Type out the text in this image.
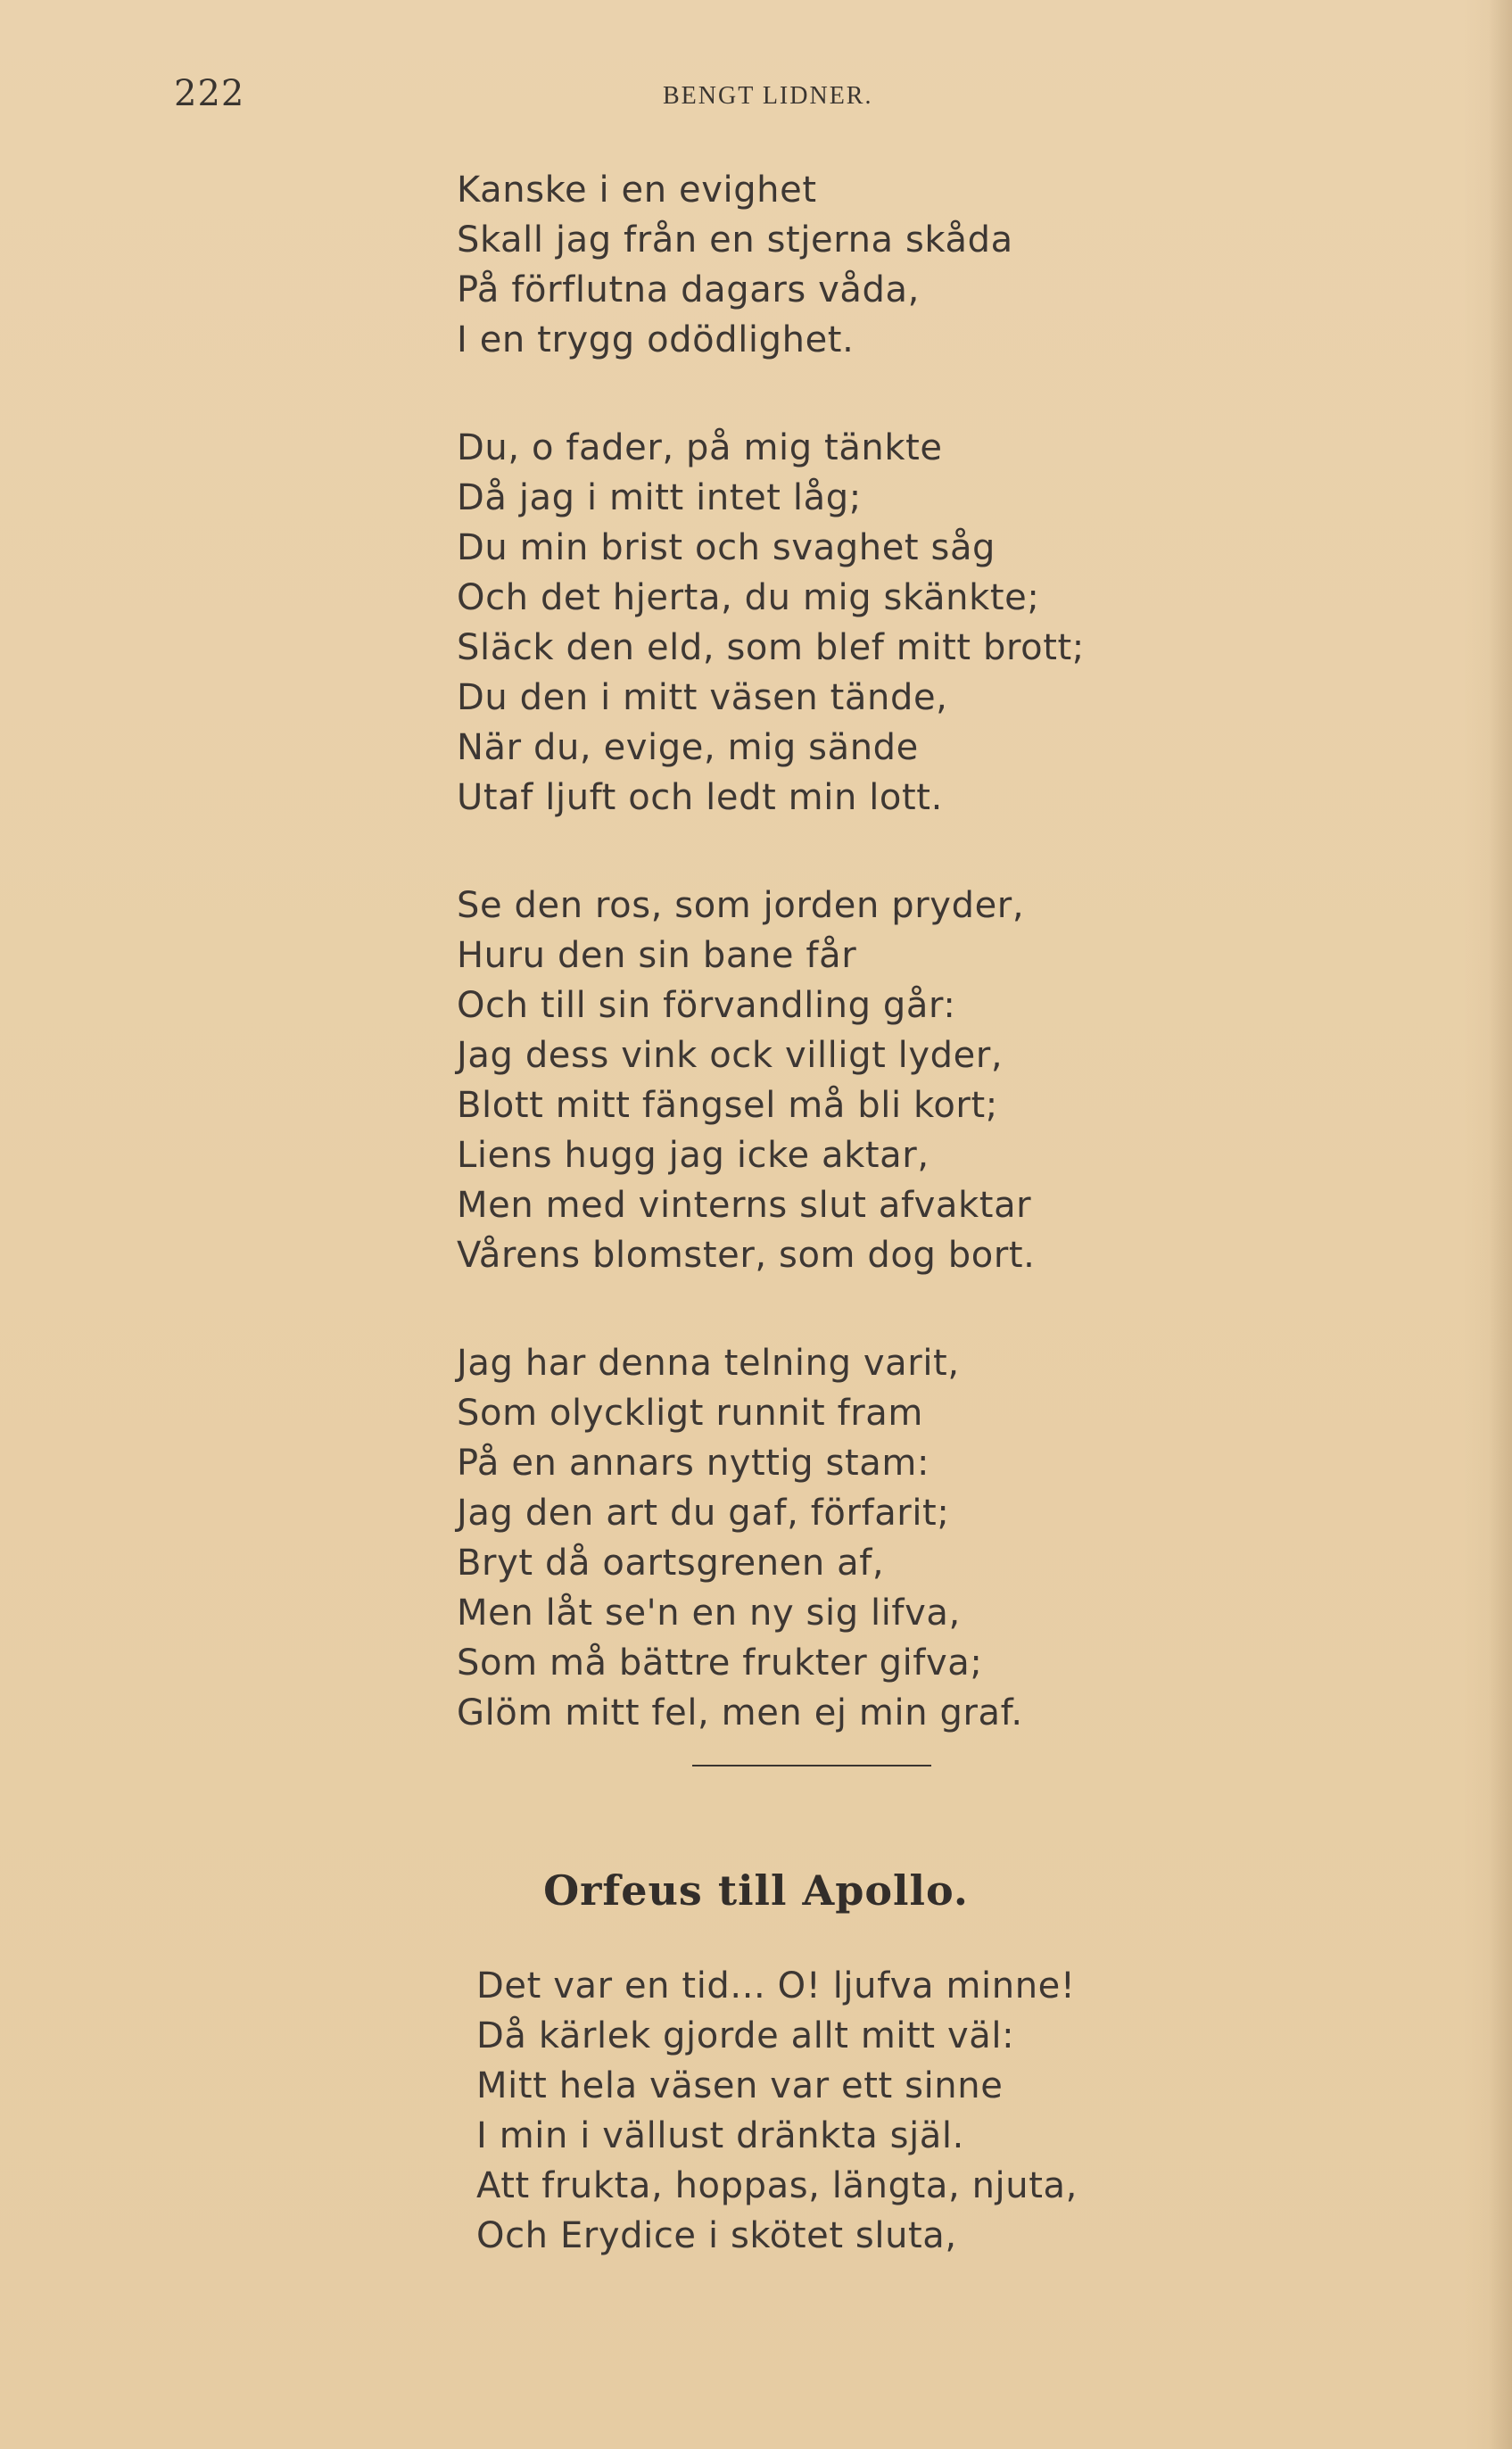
222	BENGT LIDNER.
Kanske i en evighet
Skall jag från en stjerna skåda
På förflutna dagars våda,
I en trygg odödlighet.
Du, o fader, på mig tänkte
Då jag i mitt intet låg;
Du min brist och svaghet såg
Och det hjerta, du mig skänkte;
Släck den eld, som blef mitt brott;
Du den i mitt väsen tände,
När du, evige, mig sände
Utaf ljuft och ledt min lott.
Se den ros, som jorden pryder,
Huru den sin bane får
Och till sin förvandling går:
Jag dess vink ock villigt lyder,
Blott mitt fängsel må bli kort;
Liens hugg jag icke aktar,
Men med vinterns slut afvaktar
Vårens blomster, som dog bort.
Jag har denna telning varit,
Som olyckligt runnit fram
På en annars nyttig stam:
Jag den art du gaf, förfarit;
Bryt då oartsgrenen af,
Men låt se'n en ny sig lifva,
Som må bättre frukter gifva;
Glöm mitt fel, men ej min graf.
Orfeus till Apollo.
Det var en tid... O! ljufva minne!
Då kärlek gjorde allt mitt väl:
Mitt hela väsen var ett sinne
I min i vällust dränkta själ.
Att frukta, hoppas, längta, njuta,
Och Erydice i skötet sluta,
